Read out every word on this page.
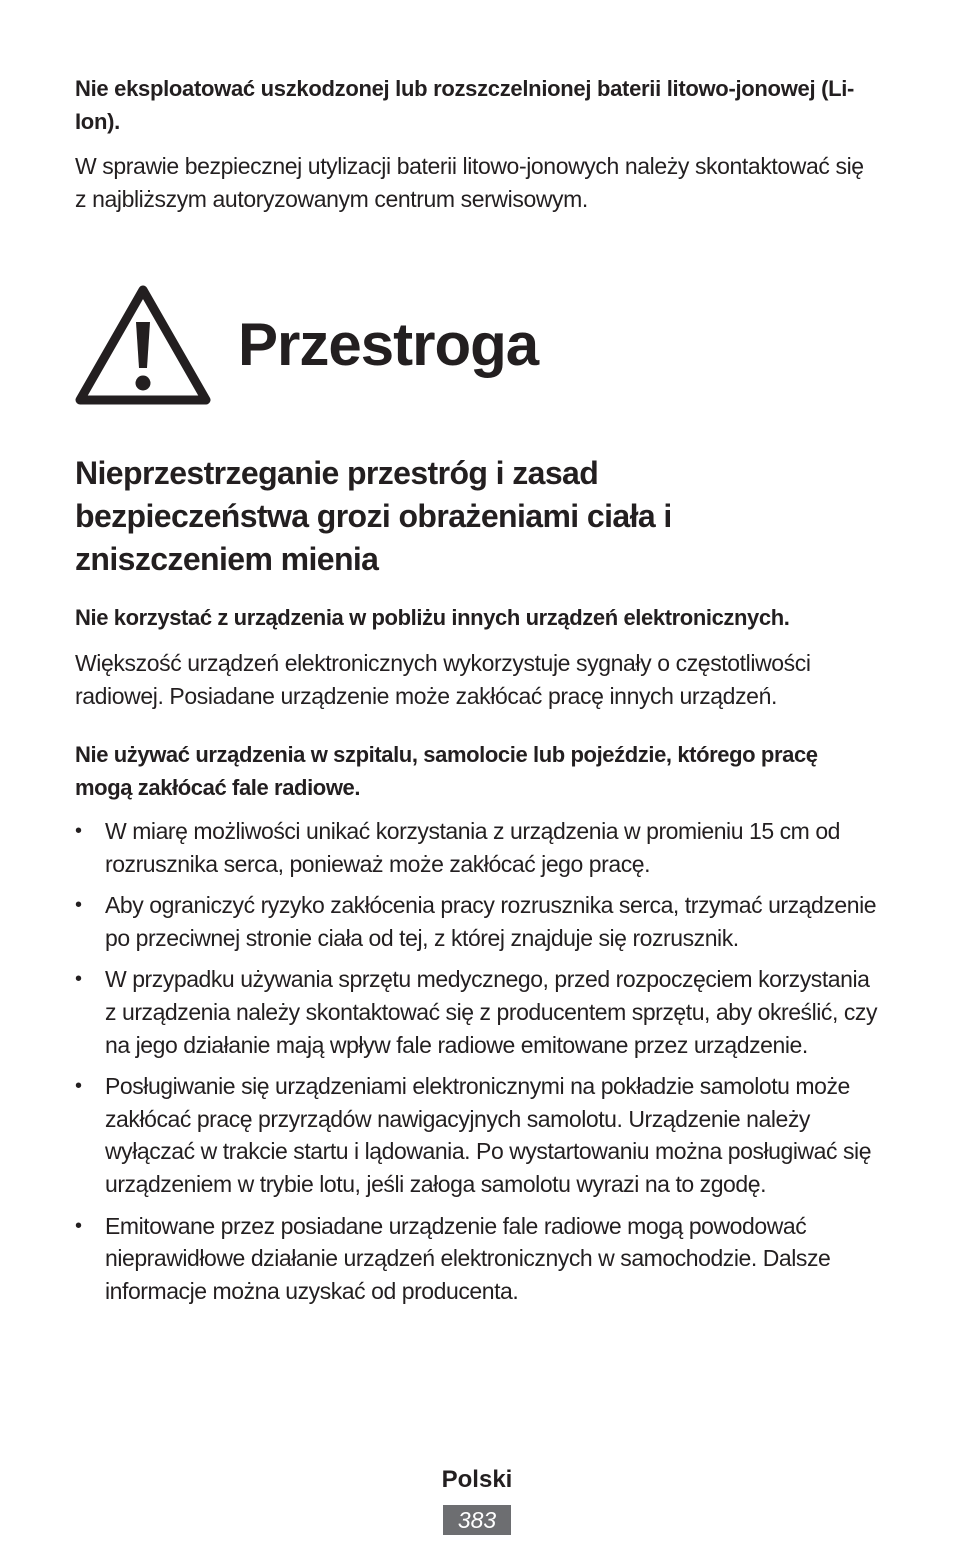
Nie eksploatować uszkodzonej lub rozszczelnionej baterii litowo-jonowej (Li-Ion).

W sprawie bezpiecznej utylizacji baterii litowo-jonowych należy skontaktować się z najbliższym autoryzowanym centrum serwisowym.

Przestroga
Nieprzestrzeganie przestróg i zasad bezpieczeństwa grozi obrażeniami ciała i zniszczeniem mienia

Nie korzystać z urządzenia w pobliżu innych urządzeń elektronicznych.

Większość urządzeń elektronicznych wykorzystuje sygnały o częstotliwości radiowej. Posiadane urządzenie może zakłócać pracę innych urządzeń.

Nie używać urządzenia w szpitalu, samolocie lub pojeździe, którego pracę mogą zakłócać fale radiowe.

• W miarę możliwości unikać korzystania z urządzenia w promieniu 15 cm od rozrusznika serca, ponieważ może zakłócać jego pracę.
• Aby ograniczyć ryzyko zakłócenia pracy rozrusznika serca, trzymać urządzenie po przeciwnej stronie ciała od tej, z której znajduje się rozrusznik.
• W przypadku używania sprzętu medycznego, przed rozpoczęciem korzystania z urządzenia należy skontaktować się z producentem sprzętu, aby określić, czy na jego działanie mają wpływ fale radiowe emitowane przez urządzenie.
• Posługiwanie się urządzeniami elektronicznymi na pokładzie samolotu może zakłócać pracę przyrządów nawigacyjnych samolotu. Urządzenie należy wyłączać w trakcie startu i lądowania. Po wystartowaniu można posługiwać się urządzeniem w trybie lotu, jeśli załoga samolotu wyrazi na to zgodę.
• Emitowane przez posiadane urządzenie fale radiowe mogą powodować nieprawidłowe działanie urządzeń elektronicznych w samochodzie. Dalsze informacje można uzyskać od producenta.

Polski

383
